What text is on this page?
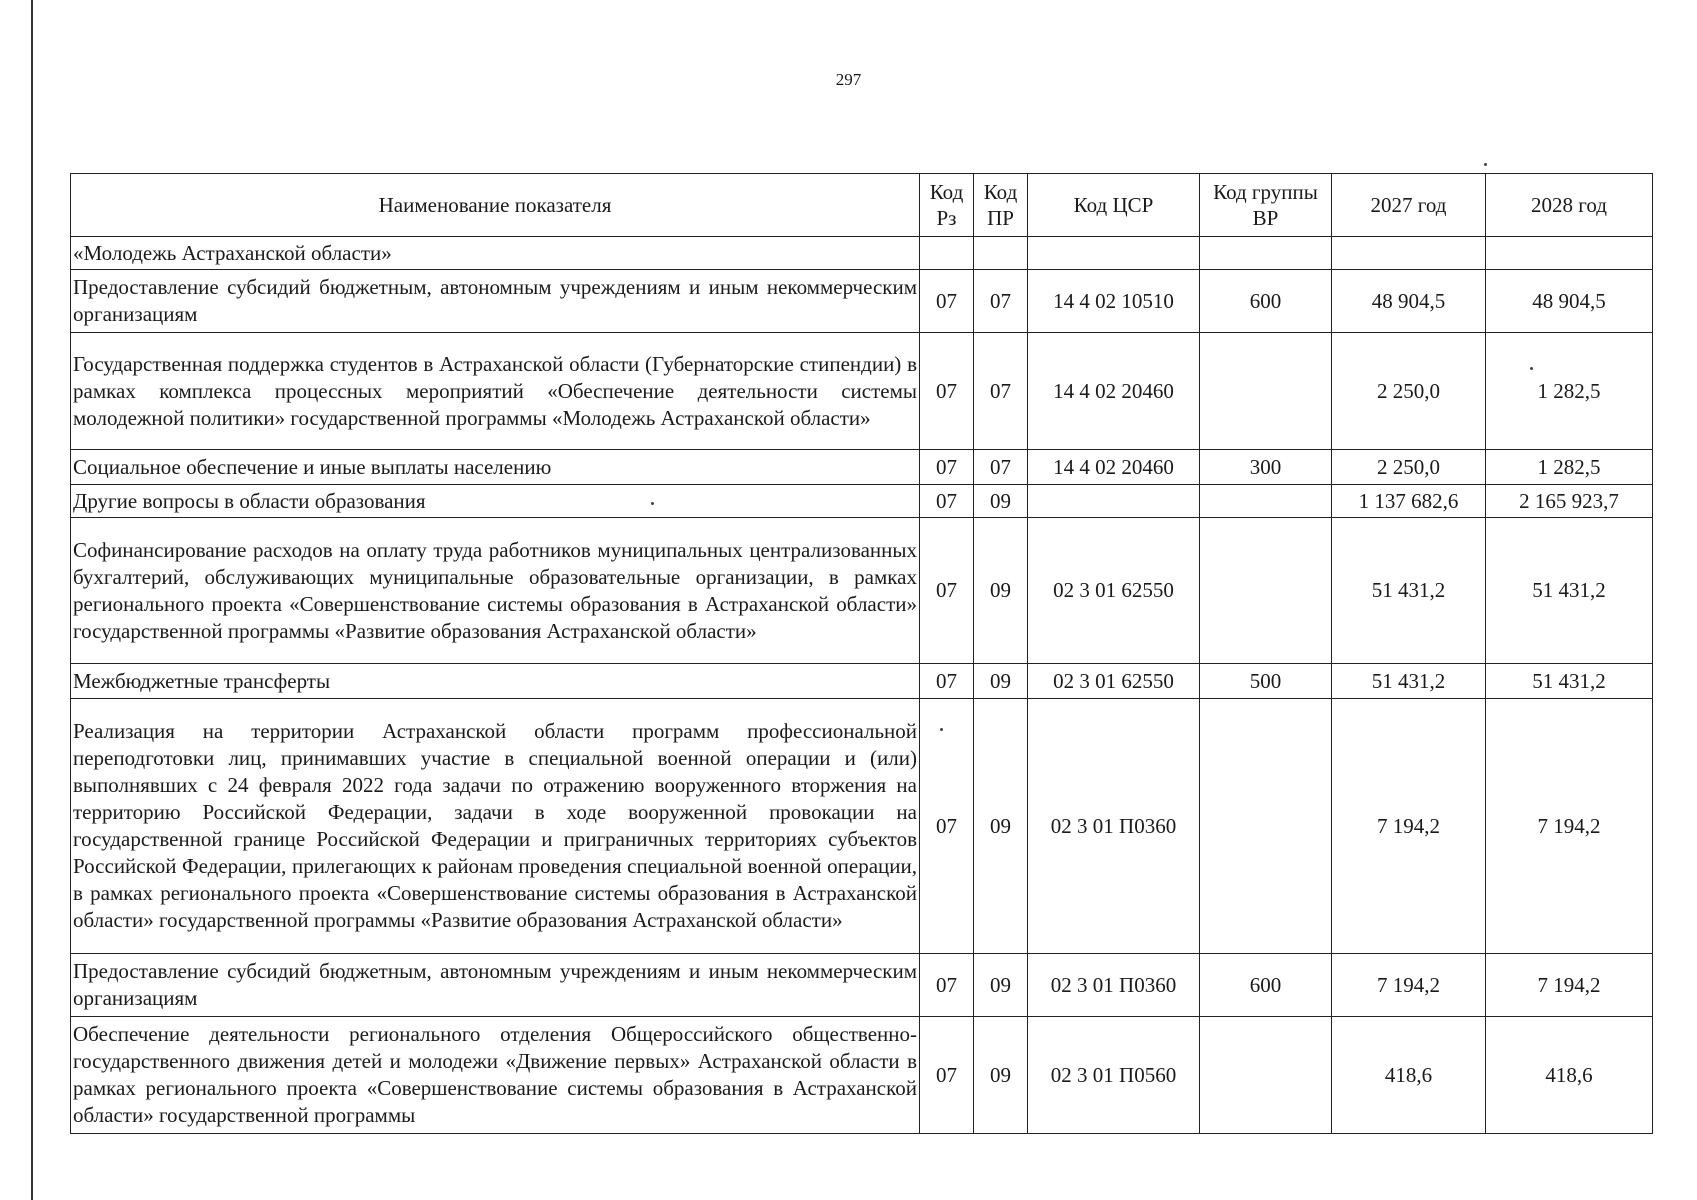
297
Наименование показателя	Код Рз	Код ПР	Код ЦСР	Код группы ВР	2027 год	2028 год
«Молодежь Астраханской области»						
Предоставление субсидий бюджетным, автономным учреждениям и иным некоммерческим организациям	07	07	14 4 02 10510	600	48 904,5	48 904,5
Государственная поддержка студентов в Астраханской области (Губернаторские стипендии) в рамках комплекса процессных мероприятий «Обеспечение деятельности системы молодежной политики» государственной программы «Молодежь Астраханской области»	07	07	14 4 02 20460		2 250,0	1 282,5
Социальное обеспечение и иные выплаты населению	07	07	14 4 02 20460	300	2 250,0	1 282,5
Другие вопросы в области образования	07	09			1 137 682,6	2 165 923,7
Софинансирование расходов на оплату труда работников муниципальных централизованных бухгалтерий, обслуживающих муниципальные образовательные организации, в рамках регионального проекта «Совершенствование системы образования в Астраханской области» государственной программы «Развитие образования Астраханской области»	07	09	02 3 01 62550		51 431,2	51 431,2
Межбюджетные трансферты	07	09	02 3 01 62550	500	51 431,2	51 431,2
Реализация на территории Астраханской области программ профессиональной переподготовки лиц, принимавших участие в специальной военной операции и (или) выполнявших с 24 февраля 2022 года задачи по отражению вооруженного вторжения на территорию Российской Федерации, задачи в ходе вооруженной провокации на государственной границе Российской Федерации и приграничных территориях субъектов Российской Федерации, прилегающих к районам проведения специальной военной операции, в рамках регионального проекта «Совершенствование системы образования в Астраханской области» государственной программы «Развитие образования Астраханской области»	07	09	02 3 01 П0360		7 194,2	7 194,2
Предоставление субсидий бюджетным, автономным учреждениям и иным некоммерческим организациям	07	09	02 3 01 П0360	600	7 194,2	7 194,2
Обеспечение деятельности регионального отделения Общероссийского общественно-государственного движения детей и молодежи «Движение первых» Астраханской области в рамках регионального проекта «Совершенствование системы образования в Астраханской области» государственной программы	07	09	02 3 01 П0560		418,6	418,6
